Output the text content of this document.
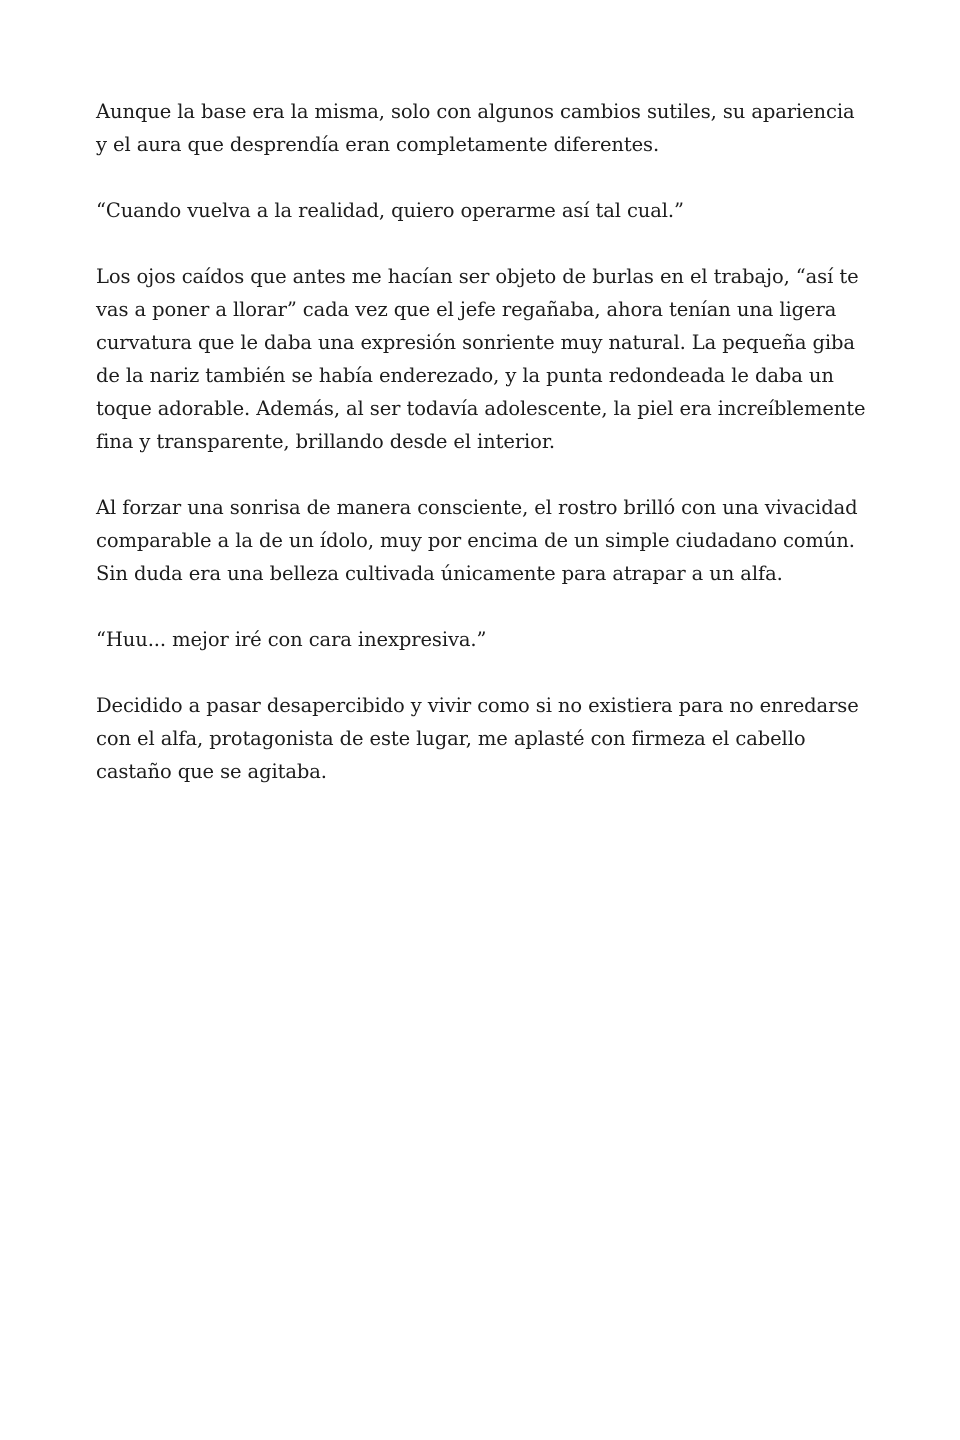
Aunque la base era la misma, solo con algunos cambios sutiles, su apariencia y el aura que desprendía eran completamente diferentes.

“Cuando vuelva a la realidad, quiero operarme así tal cual.”

Los ojos caídos que antes me hacían ser objeto de burlas en el trabajo, “así te vas a poner a llorar” cada vez que el jefe regañaba, ahora tenían una ligera curvatura que le daba una expresión sonriente muy natural. La pequeña giba de la nariz también se había enderezado, y la punta redondeada le daba un toque adorable. Además, al ser todavía adolescente, la piel era increíblemente fina y transparente, brillando desde el interior.

Al forzar una sonrisa de manera consciente, el rostro brilló con una vivacidad comparable a la de un ídolo, muy por encima de un simple ciudadano común. Sin duda era una belleza cultivada únicamente para atrapar a un alfa.

“Huu... mejor iré con cara inexpresiva.”

Decidido a pasar desapercibido y vivir como si no existiera para no enredarse con el alfa, protagonista de este lugar, me aplasté con firmeza el cabello castaño que se agitaba.
